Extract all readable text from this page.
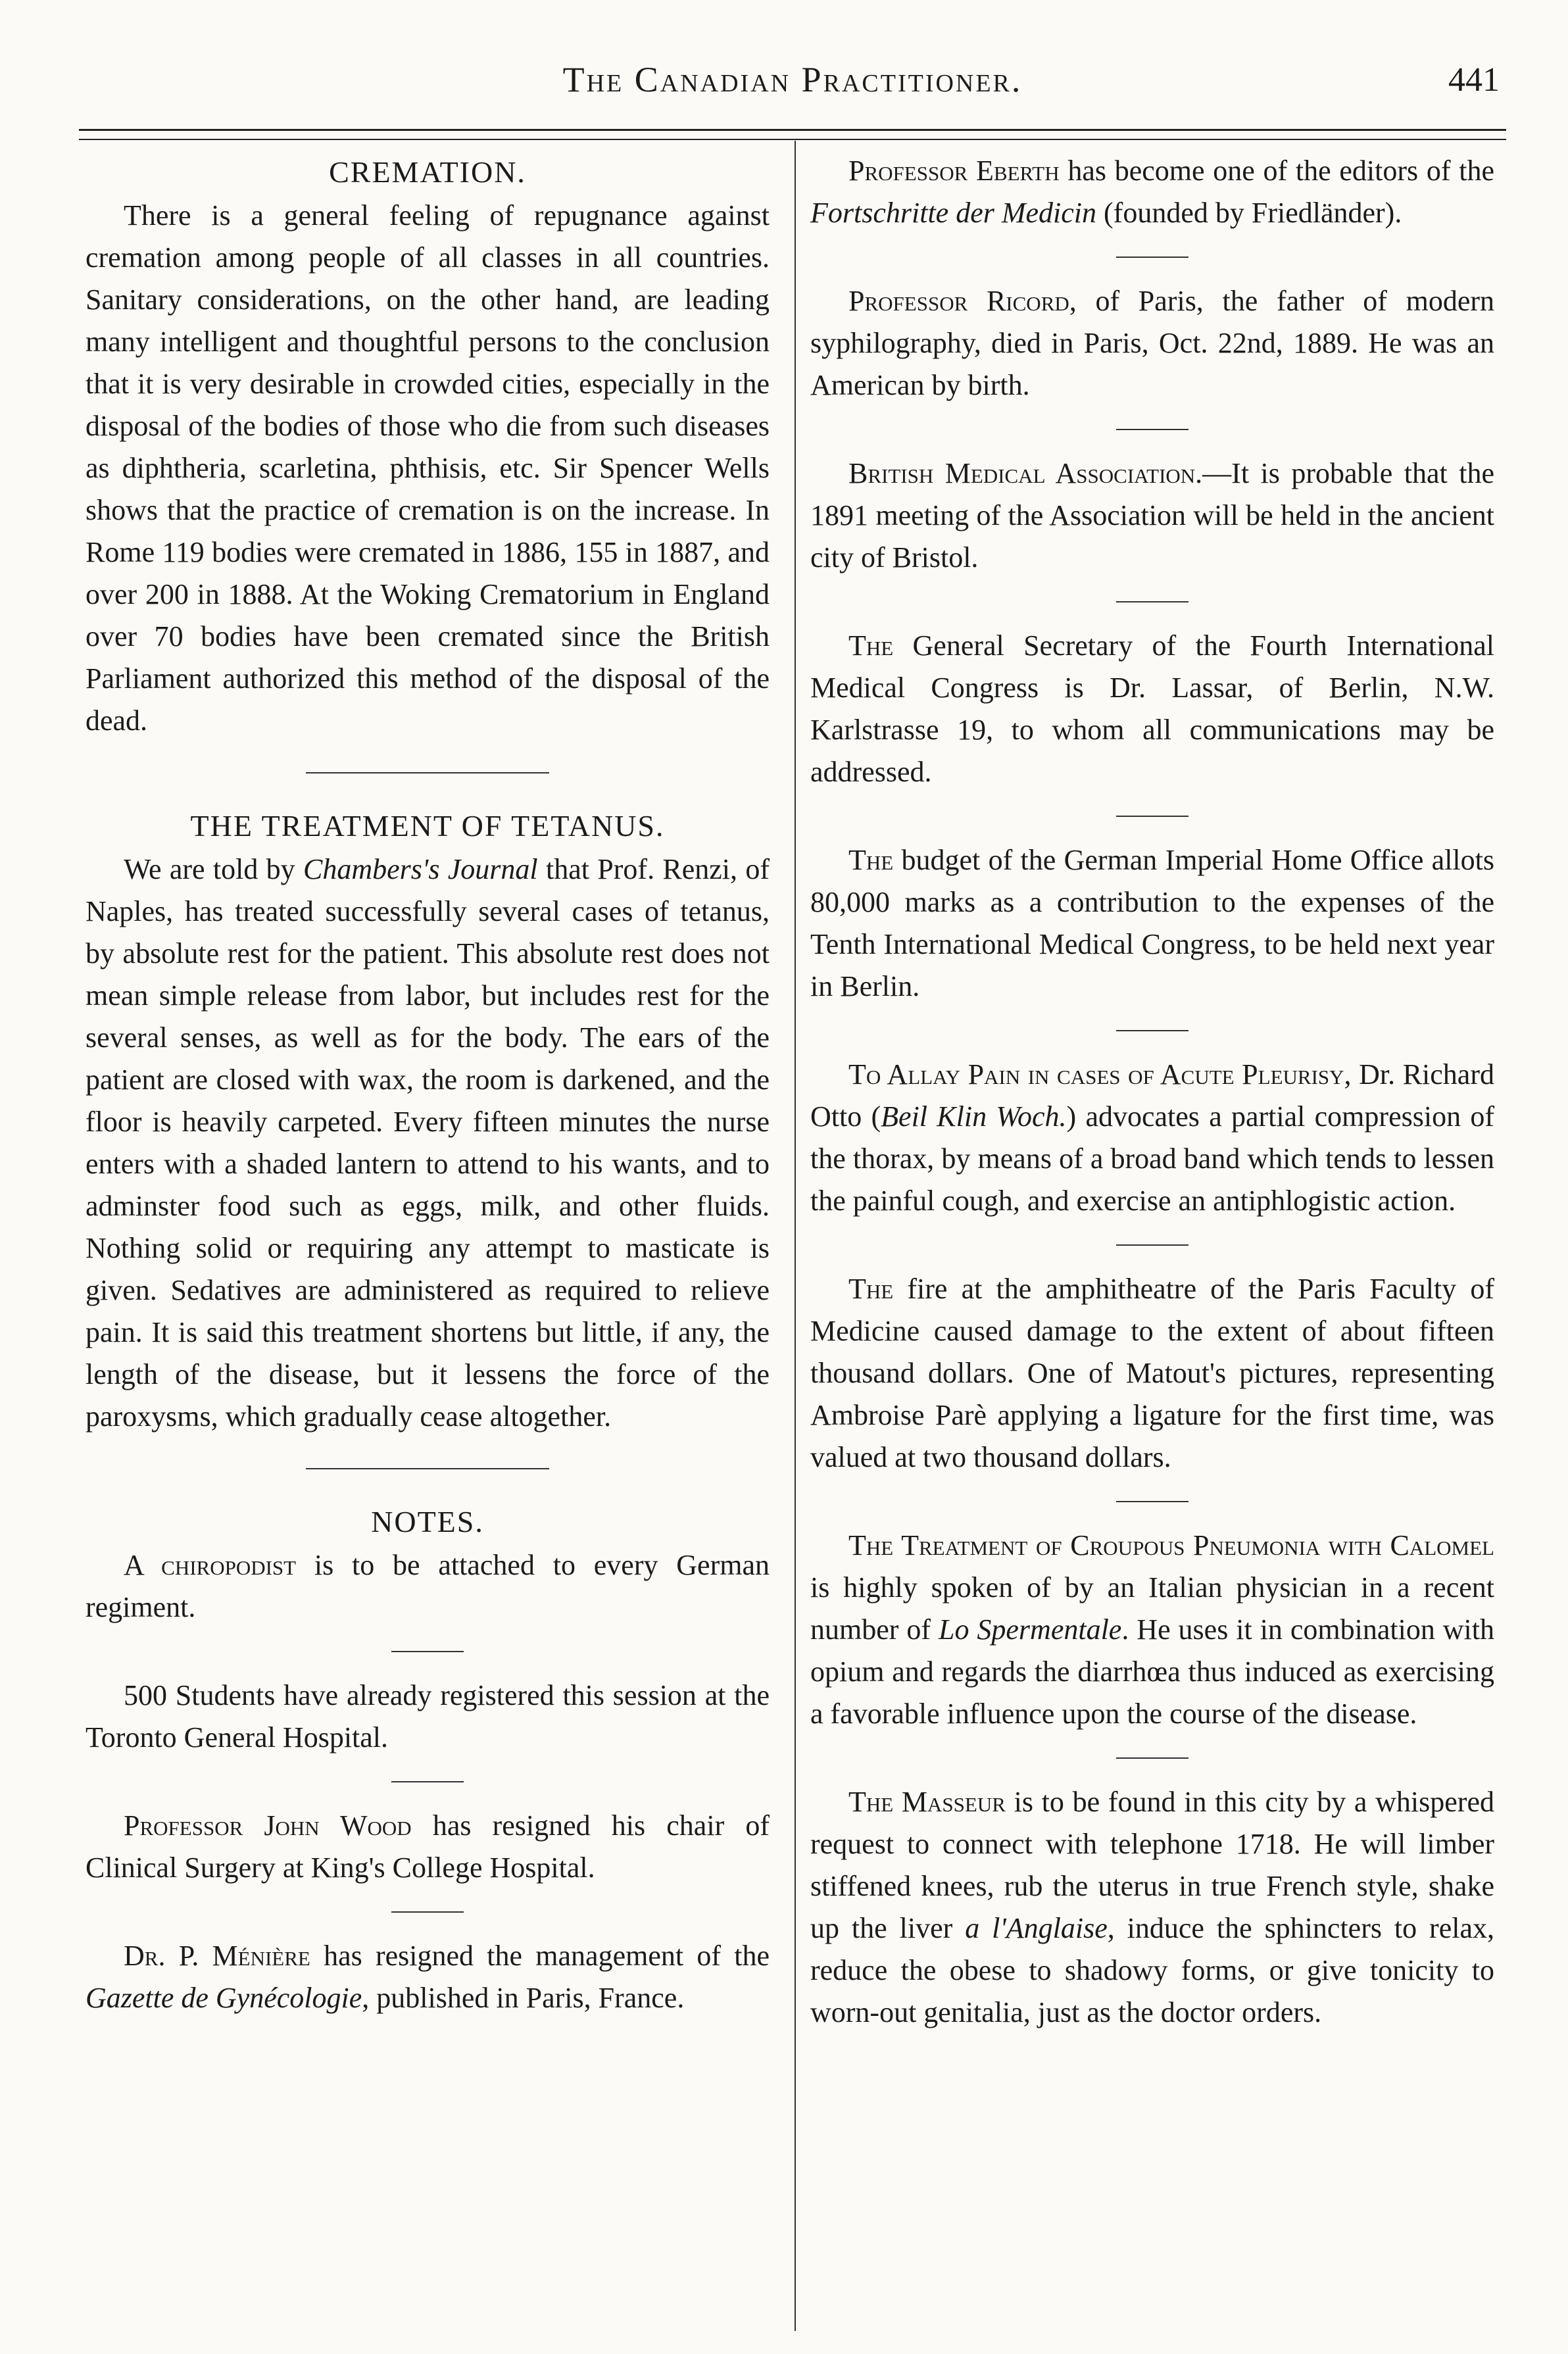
The Canadian Practitioner.	441
CREMATION.

There is a general feeling of repugnance against cremation among people of all classes in all countries. Sanitary considerations, on the other hand, are leading many intelligent and thoughtful persons to the conclusion that it is very desirable in crowded cities, especially in the disposal of the bodies of those who die from such diseases as diphtheria, scarletina, phthisis, etc. Sir Spencer Wells shows that the practice of cremation is on the increase. In Rome 119 bodies were cremated in 1886, 155 in 1887, and over 200 in 1888. At the Woking Crematorium in England over 70 bodies have been cremated since the British Parliament authorized this method of the disposal of the dead.

THE TREATMENT OF TETANUS.

We are told by Chambers's Journal that Prof. Renzi, of Naples, has treated successfully several cases of tetanus, by absolute rest for the patient. This absolute rest does not mean simple release from labor, but includes rest for the several senses, as well as for the body. The ears of the patient are closed with wax, the room is darkened, and the floor is heavily carpeted. Every fifteen minutes the nurse enters with a shaded lantern to attend to his wants, and to adminster food such as eggs, milk, and other fluids. Nothing solid or requiring any attempt to masticate is given. Sedatives are administered as required to relieve pain. It is said this treatment shortens but little, if any, the length of the disease, but it lessens the force of the paroxysms, which gradually cease altogether.

NOTES.

A chiropodist is to be attached to every German regiment.

500 Students have already registered this session at the Toronto General Hospital.

Professor John Wood has resigned his chair of Clinical Surgery at King's College Hospital.

Dr. P. Ménière has resigned the management of the Gazette de Gynécologie, published in Paris, France.

Professor Eberth has become one of the editors of the Fortschritte der Medicin (founded by Friedländer).

Professor Ricord, of Paris, the father of modern syphilography, died in Paris, Oct. 22nd, 1889. He was an American by birth.

British Medical Association.—It is probable that the 1891 meeting of the Association will be held in the ancient city of Bristol.

The General Secretary of the Fourth International Medical Congress is Dr. Lassar, of Berlin, N.W. Karlstrasse 19, to whom all communications may be addressed.

The budget of the German Imperial Home Office allots 80,000 marks as a contribution to the expenses of the Tenth International Medical Congress, to be held next year in Berlin.

To Allay Pain in cases of Acute Pleurisy, Dr. Richard Otto (Beil Klin Woch.) advocates a partial compression of the thorax, by means of a broad band which tends to lessen the painful cough, and exercise an antiphlogistic action.

The fire at the amphitheatre of the Paris Faculty of Medicine caused damage to the extent of about fifteen thousand dollars. One of Matout's pictures, representing Ambroise Parè applying a ligature for the first time, was valued at two thousand dollars.

The Treatment of Croupous Pneumonia with Calomel is highly spoken of by an Italian physician in a recent number of Lo Spermentale. He uses it in combination with opium and regards the diarrhœa thus induced as exercising a favorable influence upon the course of the disease.

The Masseur is to be found in this city by a whispered request to connect with telephone 1718. He will limber stiffened knees, rub the uterus in true French style, shake up the liver a l'Anglaise, induce the sphincters to relax, reduce the obese to shadowy forms, or give tonicity to worn-out genitalia, just as the doctor orders.
